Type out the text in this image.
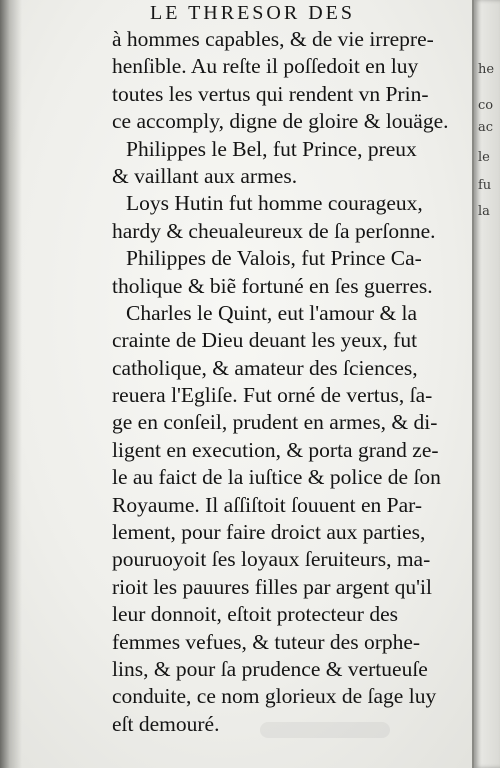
LE THRESOR DES
à hommes capables, & de vie irrepre-
henſible. Au reſte il poſſedoit en luy
toutes les vertus qui rendent vn Prin-
ce accomply, digne de gloire & louäge.
Philippes le Bel, fut Prince, preux
& vaillant aux armes.
Loys Hutin fut homme courageux,
hardy & cheualeureux de ſa perſonne.
Philippes de Valois, fut Prince Ca-
tholique & biẽ fortuné en ſes guerres.
Charles le Quint, eut l'amour & la
crainte de Dieu deuant les yeux, fut
catholique, & amateur des ſciences,
reuera l'Egliſe. Fut orné de vertus, ſa-
ge en conſeil, prudent en armes, & di-
ligent en execution, & porta grand ze-
le au faict de la iuſtice & police de ſon
Royaume. Il aſſiſtoit ſouuent en Par-
lement, pour faire droict aux parties,
pouruoyoit ſes loyaux ſeruiteurs, ma-
rioit les pauures filles par argent qu'il
leur donnoit, eſtoit protecteur des
femmes vefues, & tuteur des orphe-
lins, & pour ſa prudence & vertueuſe
conduite, ce nom glorieux de ſage luy
eſt demouré.
he
co
ac
le
fu
la
